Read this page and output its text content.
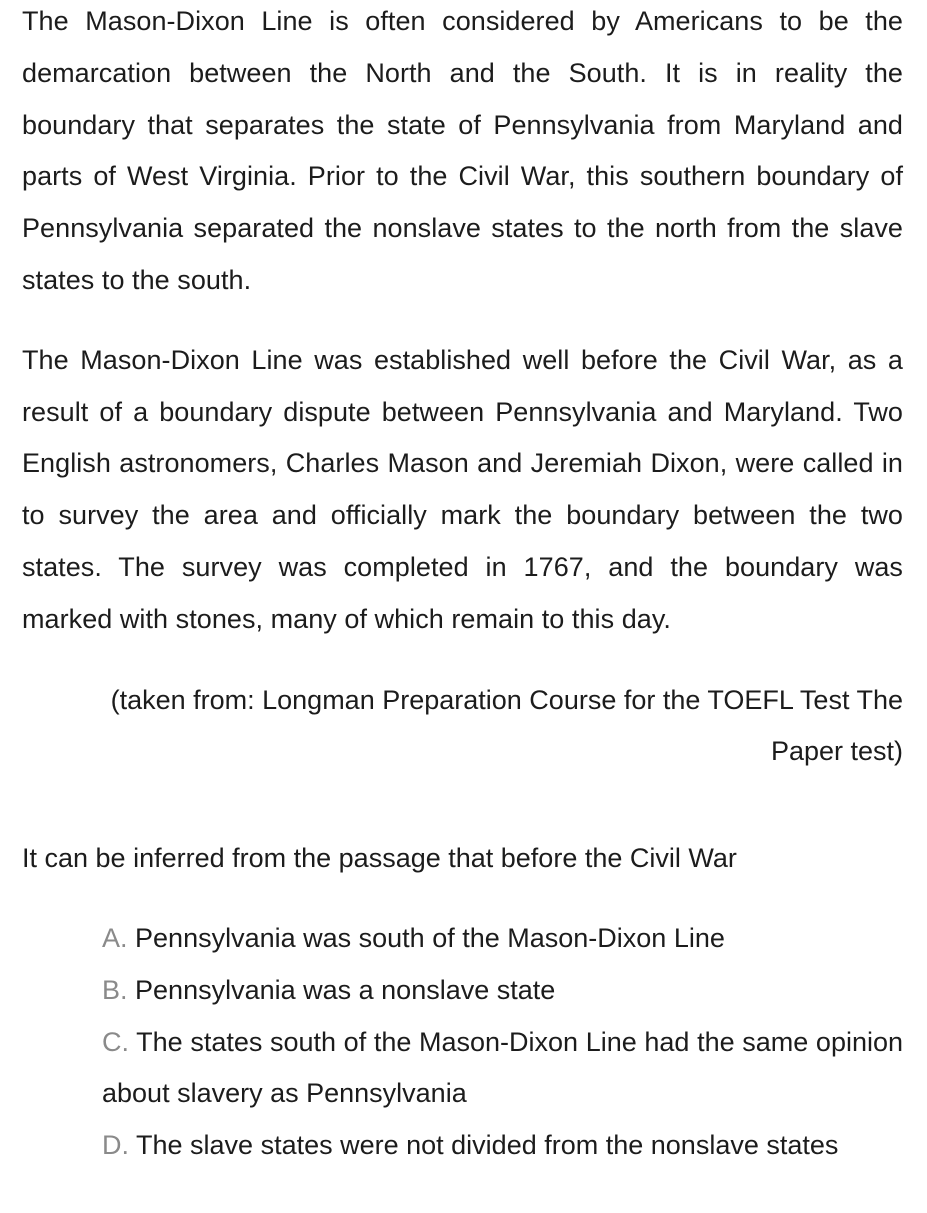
The Mason-Dixon Line is often considered by Americans to be the demarcation between the North and the South. It is in reality the boundary that separates the state of Pennsylvania from Maryland and parts of West Virginia. Prior to the Civil War, this southern boundary of Pennsylvania separated the nonslave states to the north from the slave states to the south.

The Mason-Dixon Line was established well before the Civil War, as a result of a boundary dispute between Pennsylvania and Maryland. Two English astronomers, Charles Mason and Jeremiah Dixon, were called in to survey the area and officially mark the boundary between the two states. The survey was completed in 1767, and the boundary was marked with stones, many of which remain to this day.

(taken from: Longman Preparation Course for the TOEFL Test The Paper test)

It can be inferred from the passage that before the Civil War

A. Pennsylvania was south of the Mason-Dixon Line
B. Pennsylvania was a nonslave state
C. The states south of the Mason-Dixon Line had the same opinion about slavery as Pennsylvania
D. The slave states were not divided from the nonslave states
